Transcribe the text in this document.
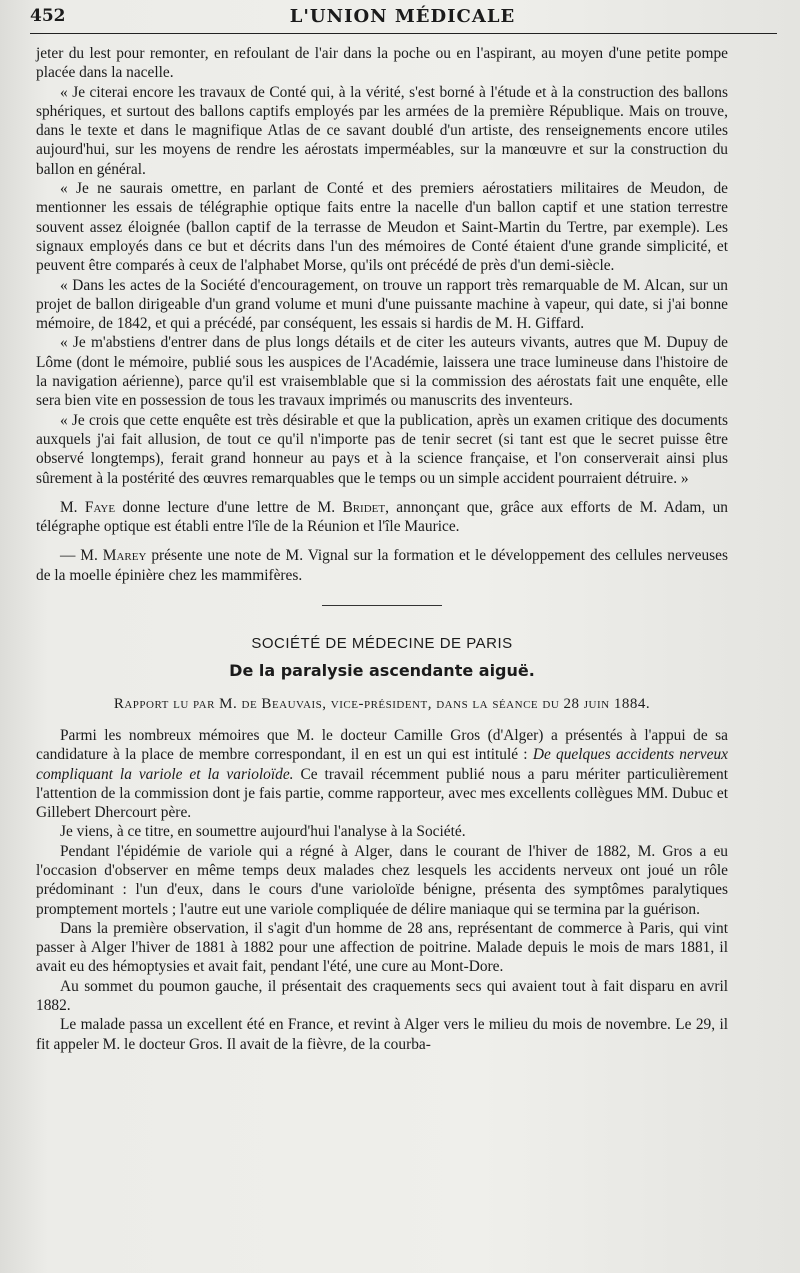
452	L'UNION MÉDICALE

jeter du lest pour remonter, en refoulant de l'air dans la poche ou en l'aspirant, au moyen d'une petite pompe placée dans la nacelle.

« Je citerai encore les travaux de Conté qui, à la vérité, s'est borné à l'étude et à la construction des ballons sphériques, et surtout des ballons captifs employés par les armées de la première République. Mais on trouve, dans le texte et dans le magnifique Atlas de ce savant doublé d'un artiste, des renseignements encore utiles aujourd'hui, sur les moyens de rendre les aérostats imperméables, sur la manœuvre et sur la construction du ballon en général.

« Je ne saurais omettre, en parlant de Conté et des premiers aérostatiers militaires de Meudon, de mentionner les essais de télégraphie optique faits entre la nacelle d'un ballon captif et une station terrestre souvent assez éloignée (ballon captif de la terrasse de Meudon et Saint-Martin du Tertre, par exemple). Les signaux employés dans ce but et décrits dans l'un des mémoires de Conté étaient d'une grande simplicité, et peuvent être comparés à ceux de l'alphabet Morse, qu'ils ont précédé de près d'un demi-siècle.

« Dans les actes de la Société d'encouragement, on trouve un rapport très remarquable de M. Alcan, sur un projet de ballon dirigeable d'un grand volume et muni d'une puissante machine à vapeur, qui date, si j'ai bonne mémoire, de 1842, et qui a précédé, par conséquent, les essais si hardis de M. H. Giffard.

« Je m'abstiens d'entrer dans de plus longs détails et de citer les auteurs vivants, autres que M. Dupuy de Lôme (dont le mémoire, publié sous les auspices de l'Académie, laissera une trace lumineuse dans l'histoire de la navigation aérienne), parce qu'il est vraisemblable que si la commission des aérostats fait une enquête, elle sera bien vite en possession de tous les travaux imprimés ou manuscrits des inventeurs.

« Je crois que cette enquête est très désirable et que la publication, après un examen critique des documents auxquels j'ai fait allusion, de tout ce qu'il n'importe pas de tenir secret (si tant est que le secret puisse être observé longtemps), ferait grand honneur au pays et à la science française, et l'on conserverait ainsi plus sûrement à la postérité des œuvres remarquables que le temps ou un simple accident pourraient détruire. »

M. Faye donne lecture d'une lettre de M. Bridet, annonçant que, grâce aux efforts de M. Adam, un télégraphe optique est établi entre l'île de la Réunion et l'île Maurice.

— M. Marey présente une note de M. Vignal sur la formation et le développement des cellules nerveuses de la moelle épinière chez les mammifères.

SOCIÉTÉ DE MÉDECINE DE PARIS
De la paralysie ascendante aiguë.
Rapport lu par M. de Beauvais, vice-président, dans la séance du 28 juin 1884.

Parmi les nombreux mémoires que M. le docteur Camille Gros (d'Alger) a présentés à l'appui de sa candidature à la place de membre correspondant, il en est un qui est intitulé : De quelques accidents nerveux compliquant la variole et la varioloïde. Ce travail récemment publié nous a paru mériter particulièrement l'attention de la commission dont je fais partie, comme rapporteur, avec mes excellents collègues MM. Dubuc et Gillebert Dhercourt père.

Je viens, à ce titre, en soumettre aujourd'hui l'analyse à la Société.

Pendant l'épidémie de variole qui a régné à Alger, dans le courant de l'hiver de 1882, M. Gros a eu l'occasion d'observer en même temps deux malades chez lesquels les accidents nerveux ont joué un rôle prédominant : l'un d'eux, dans le cours d'une varioloïde bénigne, présenta des symptômes paralytiques promptement mortels ; l'autre eut une variole compliquée de délire maniaque qui se termina par la guérison.

Dans la première observation, il s'agit d'un homme de 28 ans, représentant de commerce à Paris, qui vint passer à Alger l'hiver de 1881 à 1882 pour une affection de poitrine. Malade depuis le mois de mars 1881, il avait eu des hémoptysies et avait fait, pendant l'été, une cure au Mont-Dore.

Au sommet du poumon gauche, il présentait des craquements secs qui avaient tout à fait disparu en avril 1882.

Le malade passa un excellent été en France, et revint à Alger vers le milieu du mois de novembre. Le 29, il fit appeler M. le docteur Gros. Il avait de la fièvre, de la courba-
